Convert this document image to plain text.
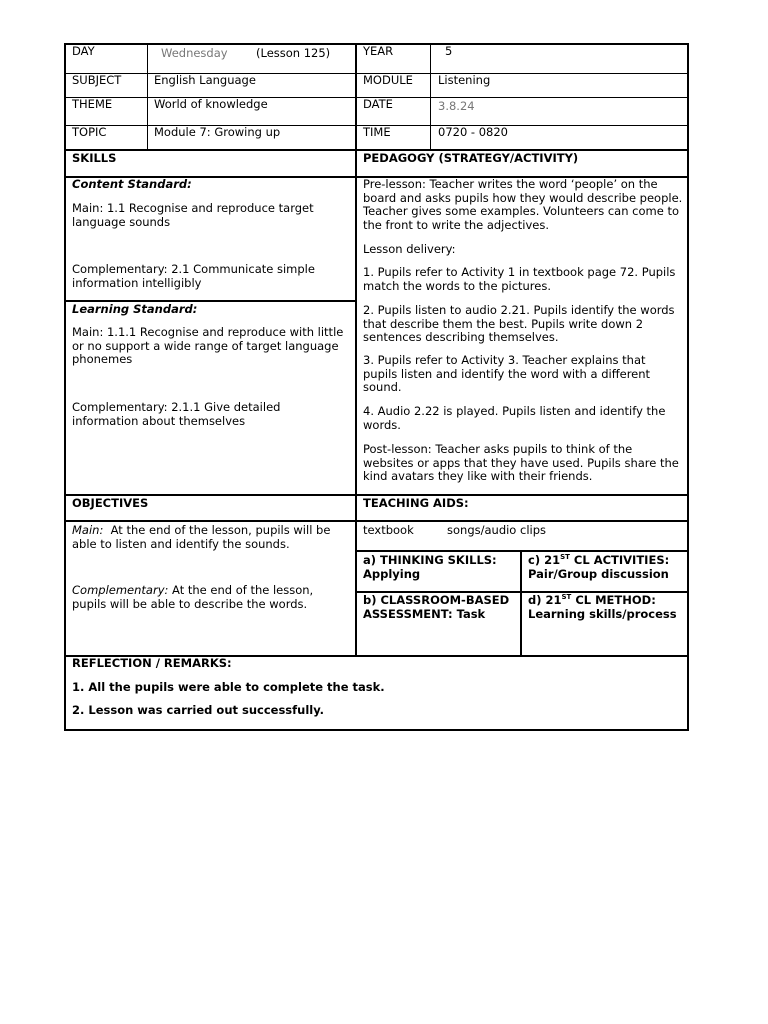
DAY	Wednesday (Lesson 125)	YEAR	5
SUBJECT	English Language	MODULE Listening
THEME	World of knowledge	DATE	3.8.24
TOPIC	Module 7: Growing up	TIME	0720 - 0820
SKILLS	PEDAGOGY (STRATEGY/ACTIVITY)
Content Standard:
Main: 1.1 Recognise and reproduce target language sounds
Complementary: 2.1 Communicate simple information intelligibly
Learning Standard:
Main: 1.1.1 Recognise and reproduce with little or no support a wide range of target language phonemes
Complementary: 2.1.1 Give detailed information about themselves
Pre-lesson: Teacher writes the word ‘people’ on the board and asks pupils how they would describe people. Teacher gives some examples. Volunteers can come to the front to write the adjectives.
Lesson delivery:
1. Pupils refer to Activity 1 in textbook page 72. Pupils match the words to the pictures.
2. Pupils listen to audio 2.21. Pupils identify the words that describe them the best. Pupils write down 2 sentences describing themselves.
3. Pupils refer to Activity 3. Teacher explains that pupils listen and identify the word with a different sound.
4. Audio 2.22 is played. Pupils listen and identify the words.
Post-lesson: Teacher asks pupils to think of the websites or apps that they have used. Pupils share the kind avatars they like with their friends.
OBJECTIVES	TEACHING AIDS:
Main: At the end of the lesson, pupils will be able to listen and identify the sounds.
Complementary: At the end of the lesson, pupils will be able to describe the words.
textbook	songs/audio clips
a) THINKING SKILLS:
Applying
c) 21ST CL ACTIVITIES:
Pair/Group discussion
b) CLASSROOM-BASED
ASSESSMENT: Task
d) 21ST CL METHOD:
Learning skills/process
REFLECTION / REMARKS:
1. All the pupils were able to complete the task.
2. Lesson was carried out successfully.
